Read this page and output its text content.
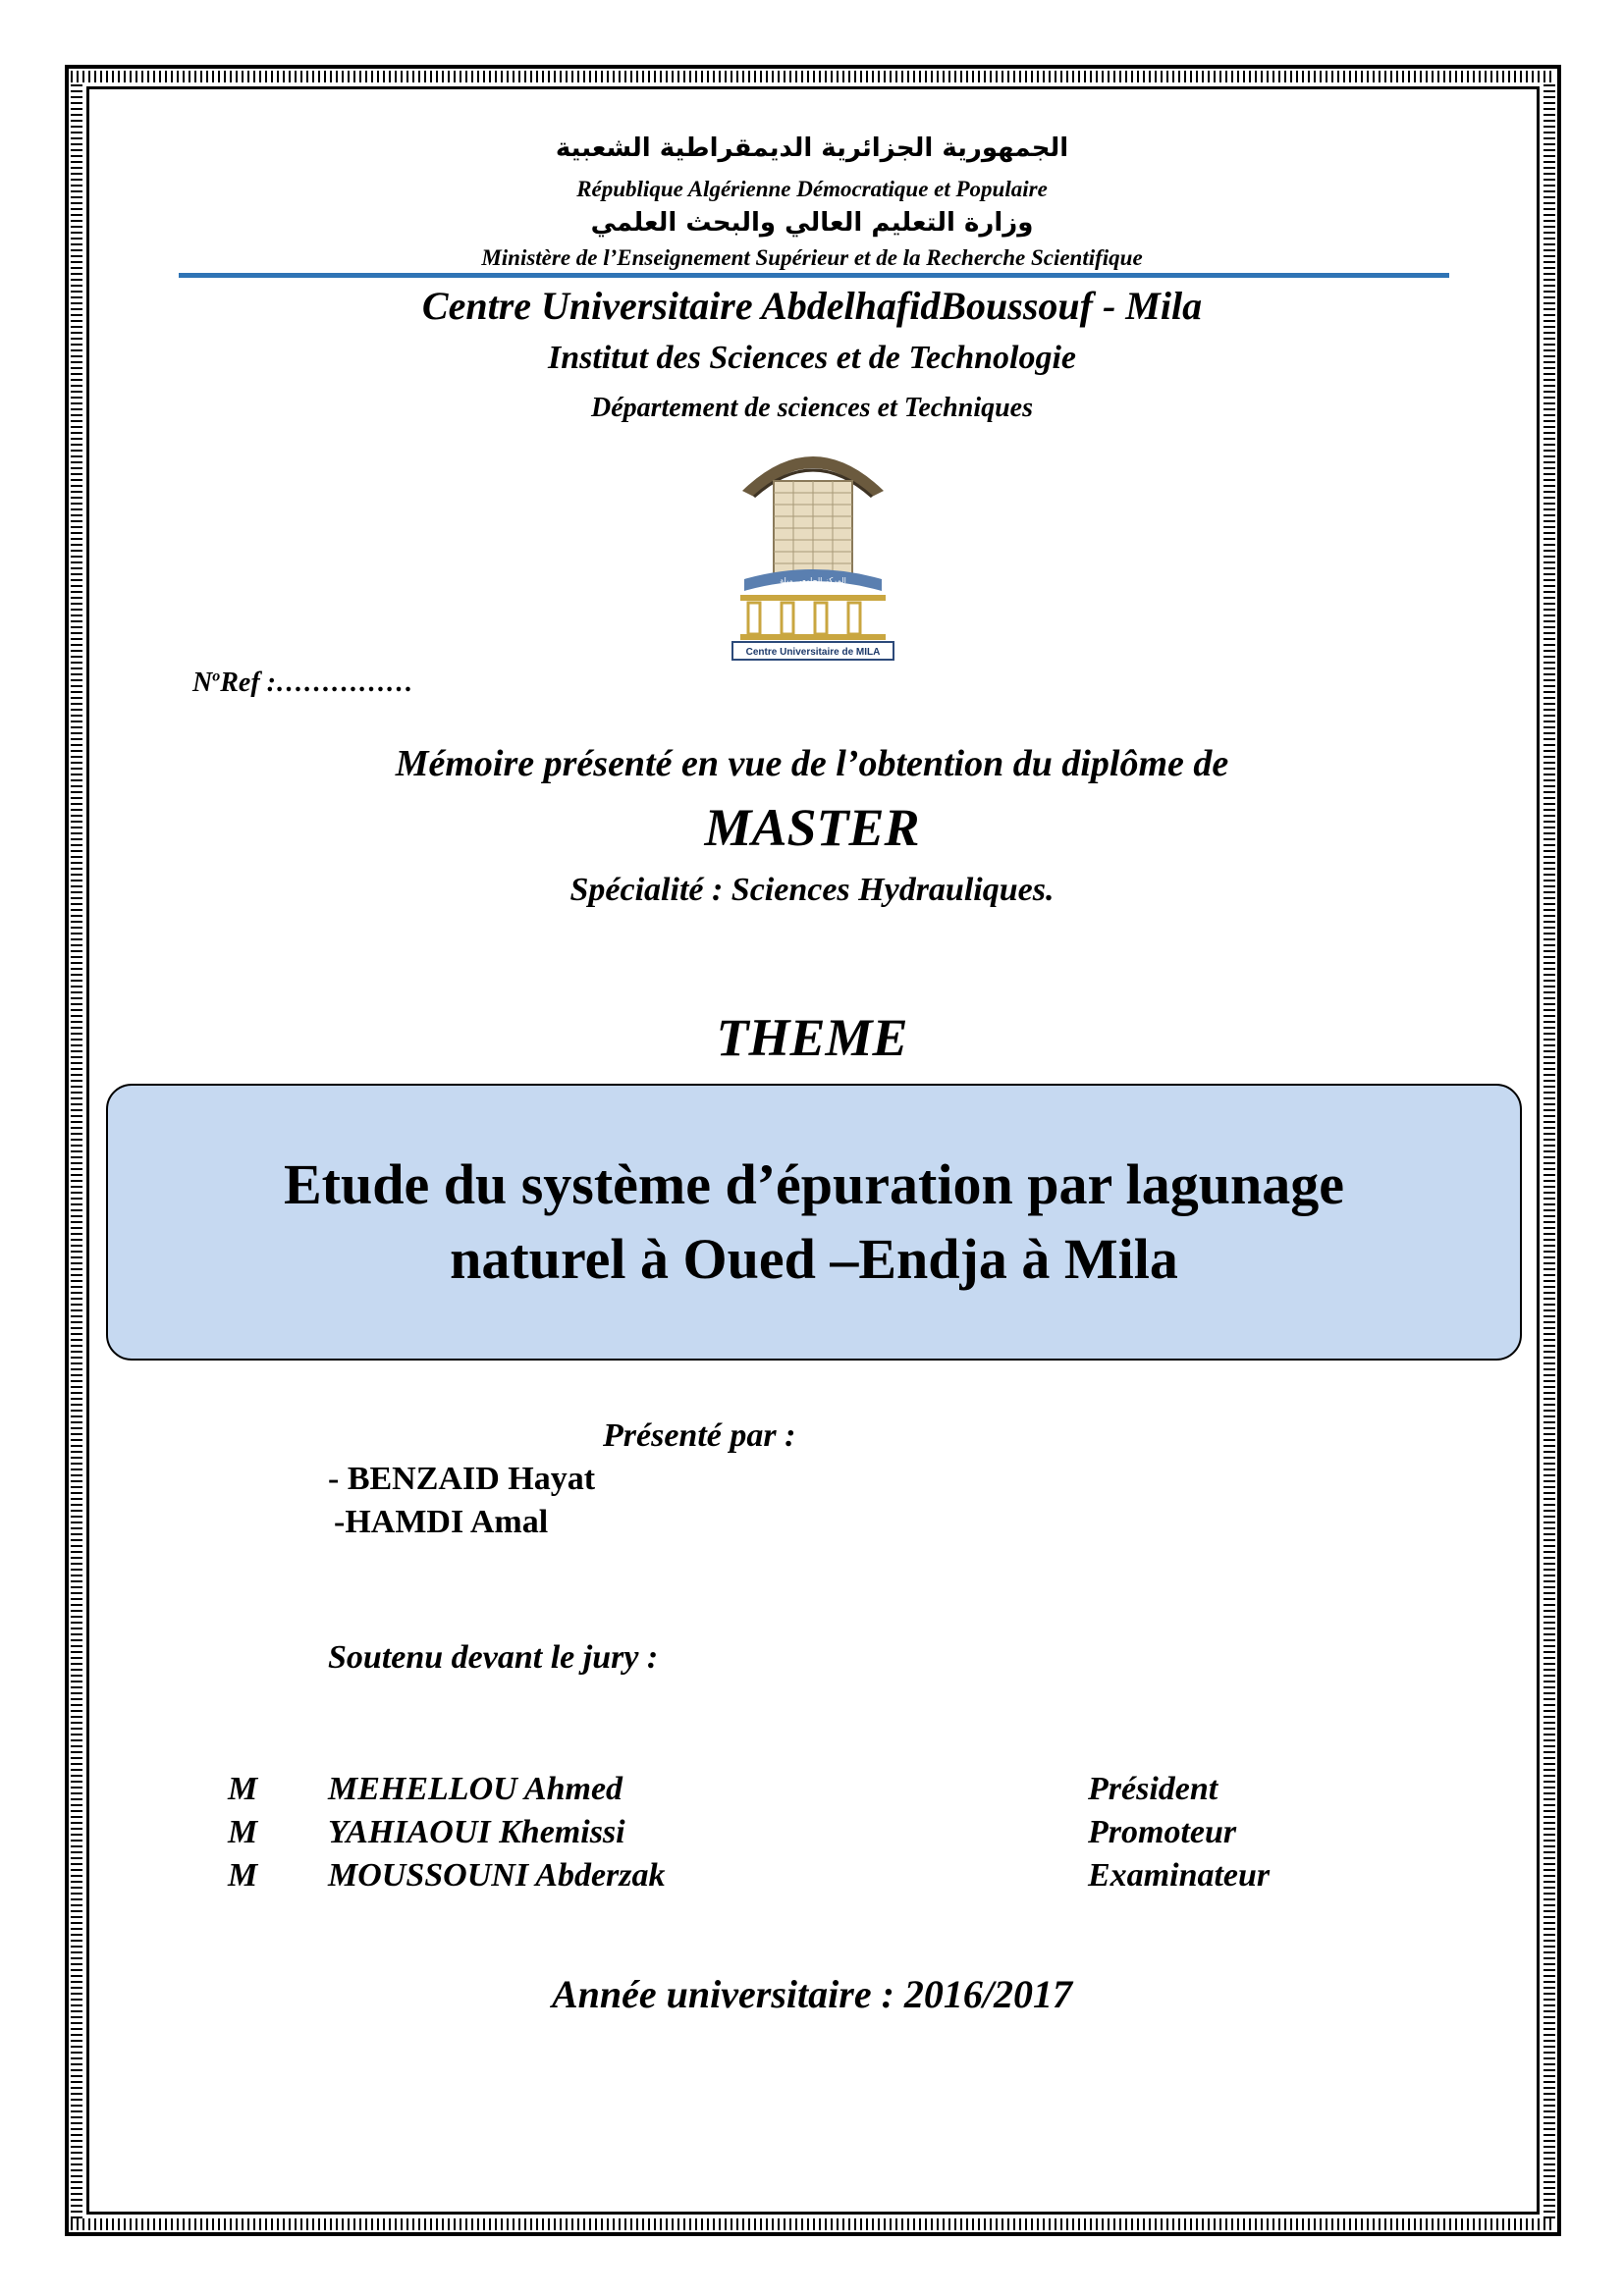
الجمهورية الجزائرية الديمقراطية الشعبية
République Algérienne Démocratique et Populaire
وزارة التعليم العالي والبحث العلمي
Ministère de l’Enseignement Supérieur et de la Recherche Scientifique
Centre Universitaire AbdelhafidBoussouf - Mila
Institut des Sciences et de Technologie
Département de sciences et Techniques
المركز الجامعي ميلة
Centre Universitaire de MILA
$N^oRef$ :……………
Mémoire présenté en vue de l’obtention du diplôme de
MASTER
Spécialité : Sciences Hydrauliques.
THEME
Etude du système d’épuration par lagunage
naturel à Oued –Endja à Mila
Présenté par :
- BENZAID Hayat
-HAMDI Amal
Soutenu devant le jury :
M MEHELLOU Ahmed	Président
M YAHIAOUI Khemissi	Promoteur
M MOUSSOUNI Abderzak	Examinateur
Année universitaire : 2016/2017
